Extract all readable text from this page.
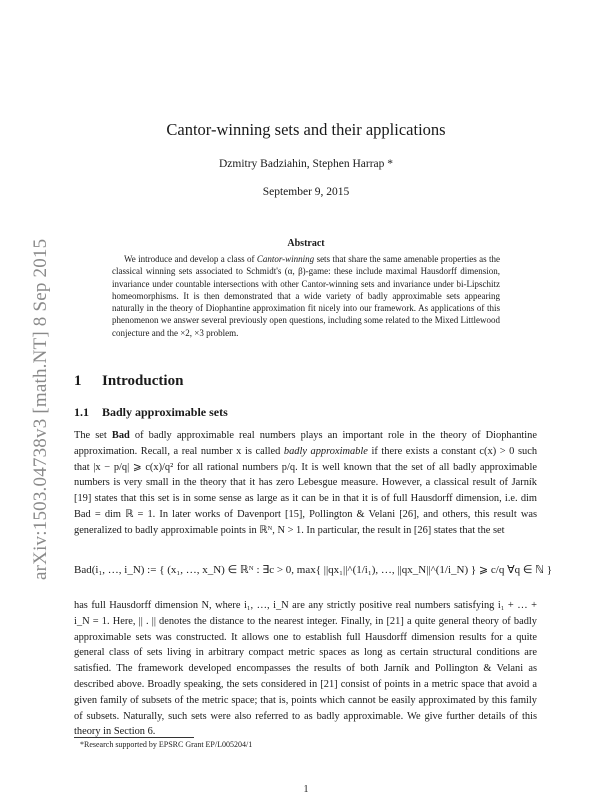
arXiv:1503.04738v3 [math.NT] 8 Sep 2015
Cantor-winning sets and their applications
Dzmitry Badziahin, Stephen Harrap *
September 9, 2015
Abstract

We introduce and develop a class of Cantor-winning sets that share the same amenable properties as the classical winning sets associated to Schmidt's (α, β)-game: these include maximal Hausdorff dimension, invariance under countable intersections with other Cantor-winning sets and invariance under bi-Lipschitz homeomorphisms. It is then demonstrated that a wide variety of badly approximable sets appearing naturally in the theory of Diophantine approximation fit nicely into our framework. As applications of this phenomenon we answer several previously open questions, including some related to the Mixed Littlewood conjecture and the ×2, ×3 problem.

1 Introduction
1.1 Badly approximable sets

The set Bad of badly approximable real numbers plays an important role in the theory of Diophantine approximation. Recall, a real number x is called badly approximable if there exists a constant c(x) > 0 such that |x − p/q| ⩾ c(x)/q² for all rational numbers p/q. It is well known that the set of all badly approximable numbers is very small in the theory that it has zero Lebesgue measure. However, a classical result of Jarník [19] states that this set is in some sense as large as it can be in that it is of full Hausdorff dimension, i.e. dim Bad = dim ℝ = 1. In later works of Davenport [15], Pollington & Velani [26], and others, this result was generalized to badly approximable points in ℝᴺ, N > 1. In particular, the result in [26] states that the set

Bad(i₁, …, i_N) := { (x₁, …, x_N) ∈ ℝᴺ : ∃c > 0, max{ ||qx₁||^(1/i₁), …, ||qx_N||^(1/i_N) } ⩾ c/q ∀q ∈ ℕ }

has full Hausdorff dimension N, where i₁, …, i_N are any strictly positive real numbers satisfying i₁ + … + i_N = 1. Here, || . || denotes the distance to the nearest integer. Finally, in [21] a quite general theory of badly approximable sets was constructed. It allows one to establish full Hausdorff dimension results for a quite general class of sets living in arbitrary compact metric spaces as long as certain structural conditions are satisfied. The framework developed encompasses the results of both Jarník and Pollington & Velani as described above. Broadly speaking, the sets considered in [21] consist of points in a metric space that avoid a given family of subsets of the metric space; that is, points which cannot be easily approximated by this family of subsets. Naturally, such sets were also referred to as badly approximable. We give further details of this theory in Section 6.

*Research supported by EPSRC Grant EP/L005204/1
1
